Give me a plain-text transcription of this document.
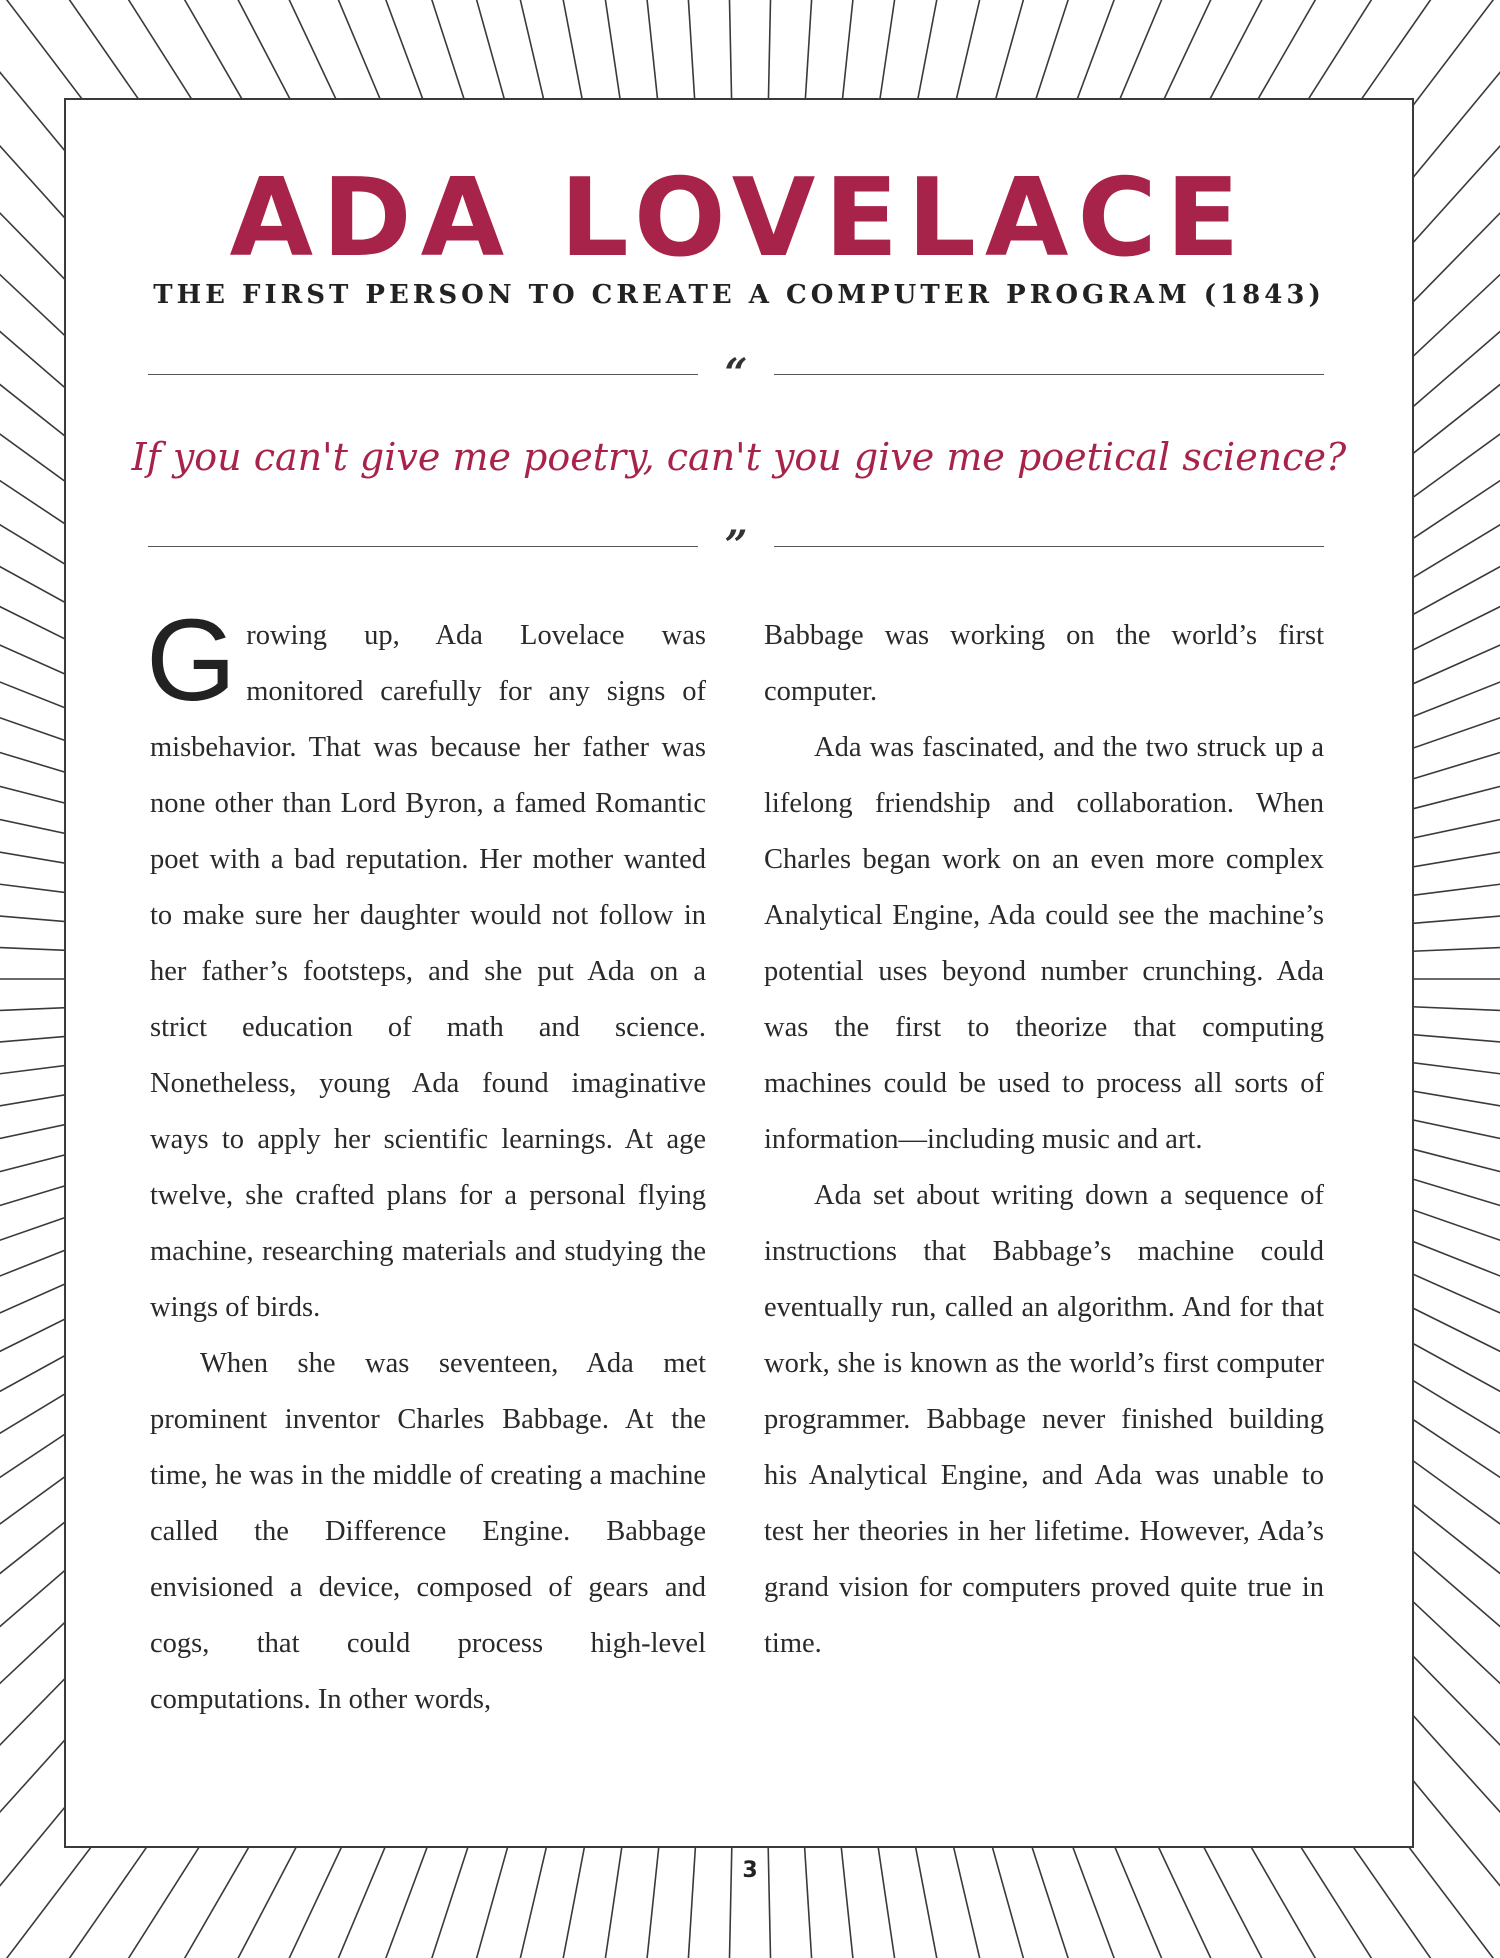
ADA LOVELACE
THE FIRST PERSON TO CREATE A COMPUTER PROGRAM (1843)
“
If you can't give me poetry, can't you give me poetical science?
”

Growing up, Ada Lovelace was monitored carefully for any signs of misbehavior. That was because her father was none other than Lord Byron, a famed Romantic poet with a bad reputation. Her mother wanted to make sure her daughter would not follow in her father’s footsteps, and she put Ada on a strict education of math and science. Nonetheless, young Ada found imaginative ways to apply her scientific learnings. At age twelve, she crafted plans for a personal flying machine, researching materials and studying the wings of birds.

When she was seventeen, Ada met prominent inventor Charles Babbage. At the time, he was in the middle of creating a machine called the Difference Engine. Babbage envisioned a device, composed of gears and cogs, that could process high-level computations. In other words,

Babbage was working on the world’s first computer.

Ada was fascinated, and the two struck up a lifelong friendship and collaboration. When Charles began work on an even more complex Analytical Engine, Ada could see the machine’s potential uses beyond number crunching. Ada was the first to theorize that computing machines could be used to process all sorts of information—including music and art.

Ada set about writing down a sequence of instructions that Babbage’s machine could eventually run, called an algorithm. And for that work, she is known as the world’s first computer programmer. Babbage never finished building his Analytical Engine, and Ada was unable to test her theories in her lifetime. However, Ada’s grand vision for computers proved quite true in time.

3
